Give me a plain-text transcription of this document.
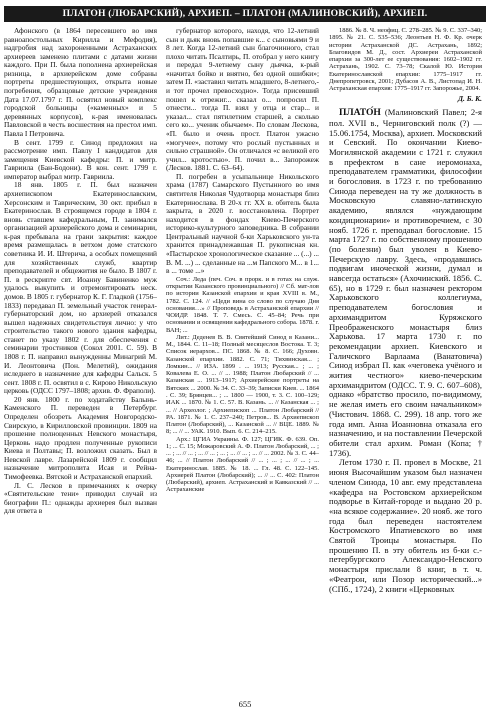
ПЛАТОН (ЛЮБАРСКИЙ), АРХИЕП. – ПЛАТОН (МАЛИНОВСКИЙ), АРХИЕП.

Афонского (в 1864 пересевшего во имя равноапостольных Кирилла и Мефодия), надгробия над захороненными Астраханских архиереев заменено плитами с датами жизни каждого. При П. была пополнена архиерейская ризница, в архиерейском доме собраны портреты предшествующих, открыта новые погребения, образцовые детские учреждения Дата 17.07.1797 г. П. освятил новый комплекс городской больницы («каменных» и 5 деревянных корпусов), к-рая именовалась Павловской в честь восшествия на престол имп. Павла I Петровича.

В сент. 1799 г. Синод предложил на рассмотрение имп. Павлу I кандидатов для замещения Киевской кафедры: П. и митр. Гавриила (Бан-Бодони). В кон. сент. 1799 г. император выбрал митр. Гавриила.

18 янв. 1805 г. П. был назначен архиепископом Екатеринославским, Херсонским и Таврическим, 30 окт. прибыл в Екатеринослав. В строящемся городе в 1804 г. вновь ставшем кафедральным, П. занимался организацией архиерейского дома и семинарии, к-рая пребывала на грани закрытия: каждое время размещалась в ветхом доме статского советника И. И. Штерича, а особых помещений для хозяйственных служб, квартир преподавателей и общежития не было. В 1807 г. П. в рескрипте свт. Иоанну Бавиненко муж удалось выкупить и отремонтировать неск. домов. В 1805 г. губернатор К. Г. Гладкой (1756–1833) передавал П. земельный участок генерал-губернаторский дом, но архиерей отказался вышел надежных свидетельствуя лично: у что строительство такого нового здания кафедры, станет по указу 1802 г. для обеспечения с семинарии тростников (Сокол 2001. С. 59). В 1808 г. П. направил вынужденны Минагрий М. И. Леонтовича (Пон. Мелетий), ожидания иследнего в назначение для кафедры Сальск. 5 сент. 1808 г. П. освятил в с. Кирово Никольскую церковь (ОДСС 1797–1808; архив. Ф. Фраполи).

20 янв. 1800 г. по ходатайству Балынь-Каменского П. переведен в Петербург. Определен обозреть Академия Новгородско-Свирскую, в Кирилловской провинции. 1809 на прошение полноценных Невского монастыря, Церковь надо продлен полученные рукописи Киева и Полтавы; П. возложил сказать. Был в Невской лавре. Лазарейской 1809 г. сообщил назначение митрополита Исая и Рейна-Тимофеевка. Вятской и Астраханской епархий.

Л. С. Лесков в примечаниях к очерку «Святительские тени» приводил случай из биографии П.: однажды архиерея был вызван для ответа в

губернатор которого, находя, что 12-летний сын и дьяк вновь попавшие к... с сыновьями 9 и 8 лет. Когда 12-летний сын благочинного, стал плохо читать Псалтирь, П. отобрал у него книгу и передал 9-летнему сыну дьячка, к-рый «начитал бойко и внятно, без одной ошибки»; затем П. «заставил читать младшего, 8-летнего,- и тот прочел превосходно». Тогда присевший пошел к отрежиг... сказал о... попросил П. отнести... тогда П. взял у отца и стар... и указал... стал пятилетним старшей, а сколько сего ко... ученик обычаем». По словам Лескова, «П. было и очень прост. Платон ужасно «могучее», потому что рослый пустынных и сильно страшной». Он отличался «с великой его учил... кротостью». П. почил в... Запорожеж (Лесков. 1881. С. 63–64).

П. погребен в усыпальнице Никольского храма (1787) Самарского Пустынного во имя святителя Николая Чудотворца монастыря близ Екатеринослава. В 20-х гг. ХХ в. обитель была закрыта, в 2020 г. восстановлена. Портрет находится в фондах Киево-Печерского историко-культурного заповедника. В собрании Центральный научной б-ки Харьковского ун-та хранится принадлежавшая П. рукописная кн. «Пастырское хронологическое сказание ... (...) ... В. М. ...) ... сделанные на ...м Папского М... в 1... в ... томе ...»

Соч.: Леда (печ. Соч. в прорк. и в готах на служ. открытии Казанского провинциального) // Сб. мат-лов по истории Казанской епархии и края XVIII в. М., 1782. С. 124. // «Цеди вина со слово по случаю Дня основания…» // Проповедь в Астраханской епархии // ЧОИДР. 1848. Т. 7. Смесь. С. 45–84; Речь при основании и освящении кафедрального собора. 1878. г. ВАН; ...

Лит.: Деденев В. В. Святейший Синод в Казани... М., 1844. С. 11–18; Полный месяцеслов Востока. Т. 3; Список иерархов... ПС. 1868. № 8. С. 166; Духовн. Казанской епархии. 1882. С. 71; Тихвинская... ; Ломкин... // ИЗА. 1899 . ... 1913; Русская... ; ... ; Ковалева Е. О. ... // ... 1988; Платон Любарский // ... Казанская ... 1913–1917; Архиерейские портреты на Вятских ... 2000. № 34. С. 33–39; Записки Киев. ... 1864 . С. 39; Брянцев... ; ... 1800 — 1900, т. 3. С. 100–129; ИАК ... 1870. № 1. С. 57. В. Казань. ... // Казанская ... ; ... // Археолог. ; Архиепископ ... Платон Любарский // РА. 1871. № 1. С. 237–240; Петров... В. Архиепископ Платон (Любарский), ... Казанской ... // ВЦЕ. 1889. № 8; ... // ... УАК. 1910. Вып. 6. С. 214–215.

Арх.: ЦГИА Украины. Ф. 127; ЦГИК. Ф. 639. Оп. 1; ... С. 15; Можаровский А. Ф. Платон Любарский, ... ; ... ; ... // ... ; ... // ... ; ... ; ... // ... ; ... // ... 2002. № 3. С. 44–46; ... // Платон Любарский // ... ; ... ; ... // ... ; ... Екатеринослав. 1885. № 18. ... Гл. 48. С. 122–145. Архиерей Платон (Любарский); ... // ... С. 402: Платон (Любарский), архиеп. Астраханский и Кавказский // ... Астраханские

1886. № 8. Ч. неофиц. С. 278–285. № 9. С. 337–340; 1895. № 21. С. 535–536; Леонтьев Н. Ф. Кр. очерк истории Астраханской ДС. Астрахань, 1892; Благовидов М. Д., сост. Архиереи Астраханской епархии за 300-лет ее существования: 1602–1902 гг. Астрахань, 1902. С. 73–78; Скалой Ю. История Екатеринославской епархии: 1775–1917 гг. Днепропетровск, 2001; Дубасов А. В., Листопад И. Н. Астраханская епархия: 1775–1917 гг. Запорожье, 2004.

Д. Б. К.

ПЛАТО́Н (Малиновский Павел; 2-я пол. XVII в., Черниговский полк (?) — 15.06.1754, Москва), архиеп. Московский и Севский. По окончании Киево-Могилянской академии с 1721 г. служил в префектом в сане иеромонаха, преподавателем грамматики, философии и богословия. в 1723 г. по требованию Синода переведен на ту же должность в Московскую славяно-латинскую академию, являлся «нуждающим кондиционарии» и противоречием, с 30 нояб. 1726 г. преподавал богословие. 15 марта 1727 г. по собственному прошению (по болезни) был уволен в Киево-Печерскую лавру. Здесь, «продавшись подвигам иноческой жизни, думал и навсегда остаться» (Ахочинский. 1856. С. 65), но в 1729 г. был назначен ректором Харьковского коллегиума, преподавателем богословия и архимандритом Куряжского Преображенского монастыря близ Харькова. 17 марта 1730 г. по рекомендации архиеп. Киевского и Галичского Варлаама (Ванатовича) Синод избрал П. как «чеговека учёного и жития честного» киево-печерским архимандритом (ОДСС. Т. 9. С. 607–608), однако «братство просило, по-видимому, не желая иметь его своим начальником» (Чистович. 1868. С. 299). 18 апр. того же года имп. Анна Иоанновна отказала его назначению, и на поставлении Печерской обители стал архим. Роман (Копа; † 1736).

Летом 1730 г. П. провел в Москве, 21 июня Высочайшим указом был назначен членом Синода, 10 авг. ему представлена «кафедра на Ростовском архиерейском подворье в Китай-городе и выдано 20 р. «на всякое содержание». 20 нояб. же того года был переведен настоятелем Костромского Ипатиевского во имя Святой Троицы монастыря. По прошению П. в эту обитель из б-ки с.-петербургского Александро-Невского монастыря прислали 8 книг, в т. ч. «Феатрон, или Позор исторический...» (СПб., 1724), 2 книги «Церковных

655
